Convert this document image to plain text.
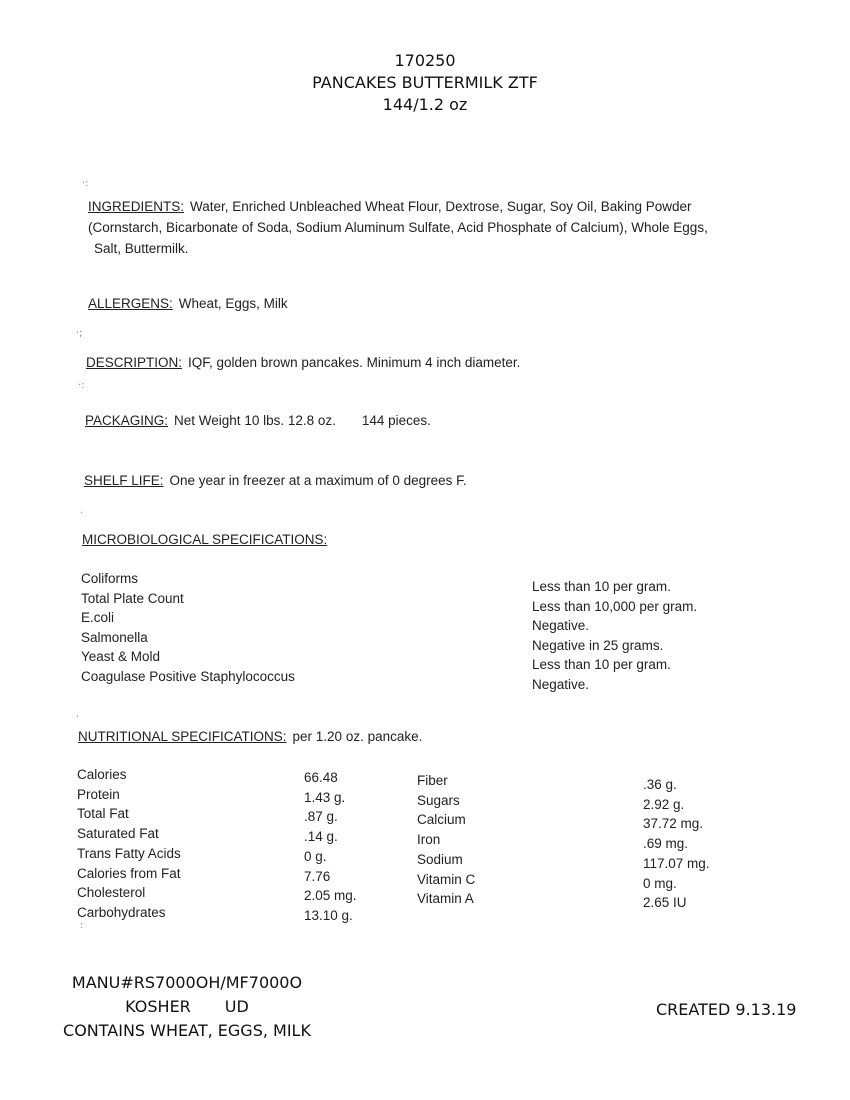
170250
PANCAKES BUTTERMILK ZTF
144/1.2 oz
INGREDIENTS: Water, Enriched Unbleached Wheat Flour, Dextrose, Sugar, Soy Oil, Baking Powder
(Cornstarch, Bicarbonate of Soda, Sodium Aluminum Sulfate, Acid Phosphate of Calcium), Whole Eggs,
Salt, Buttermilk.
ALLERGENS: Wheat, Eggs, Milk
DESCRIPTION: IQF, golden brown pancakes. Minimum 4 inch diameter.
PACKAGING: Net Weight 10 lbs. 12.8 oz. 144 pieces.
SHELF LIFE: One year in freezer at a maximum of 0 degrees F.
MICROBIOLOGICAL SPECIFICATIONS:
Coliforms
Total Plate Count
E.coli
Salmonella
Yeast & Mold
Coagulase Positive Staphylococcus
Less than 10 per gram.
Less than 10,000 per gram.
Negative.
Negative in 25 grams.
Less than 10 per gram.
Negative.
NUTRITIONAL SPECIFICATIONS: per 1.20 oz. pancake.
Calories
Protein
Total Fat
Saturated Fat
Trans Fatty Acids
Calories from Fat
Cholesterol
Carbohydrates
66.48
1.43 g.
.87 g.
.14 g.
0 g.
7.76
2.05 mg.
13.10 g.
Fiber
Sugars
Calcium
Iron
Sodium
Vitamin C
Vitamin A
.36 g.
2.92 g.
37.72 mg.
.69 mg.
117.07 mg.
0 mg.
2.65 IU
·:
·;
·:
·
·
:
MANU#RS7000OH/MF7000O
KOSHER UD
CONTAINS WHEAT, EGGS, MILK
CREATED 9.13.19
